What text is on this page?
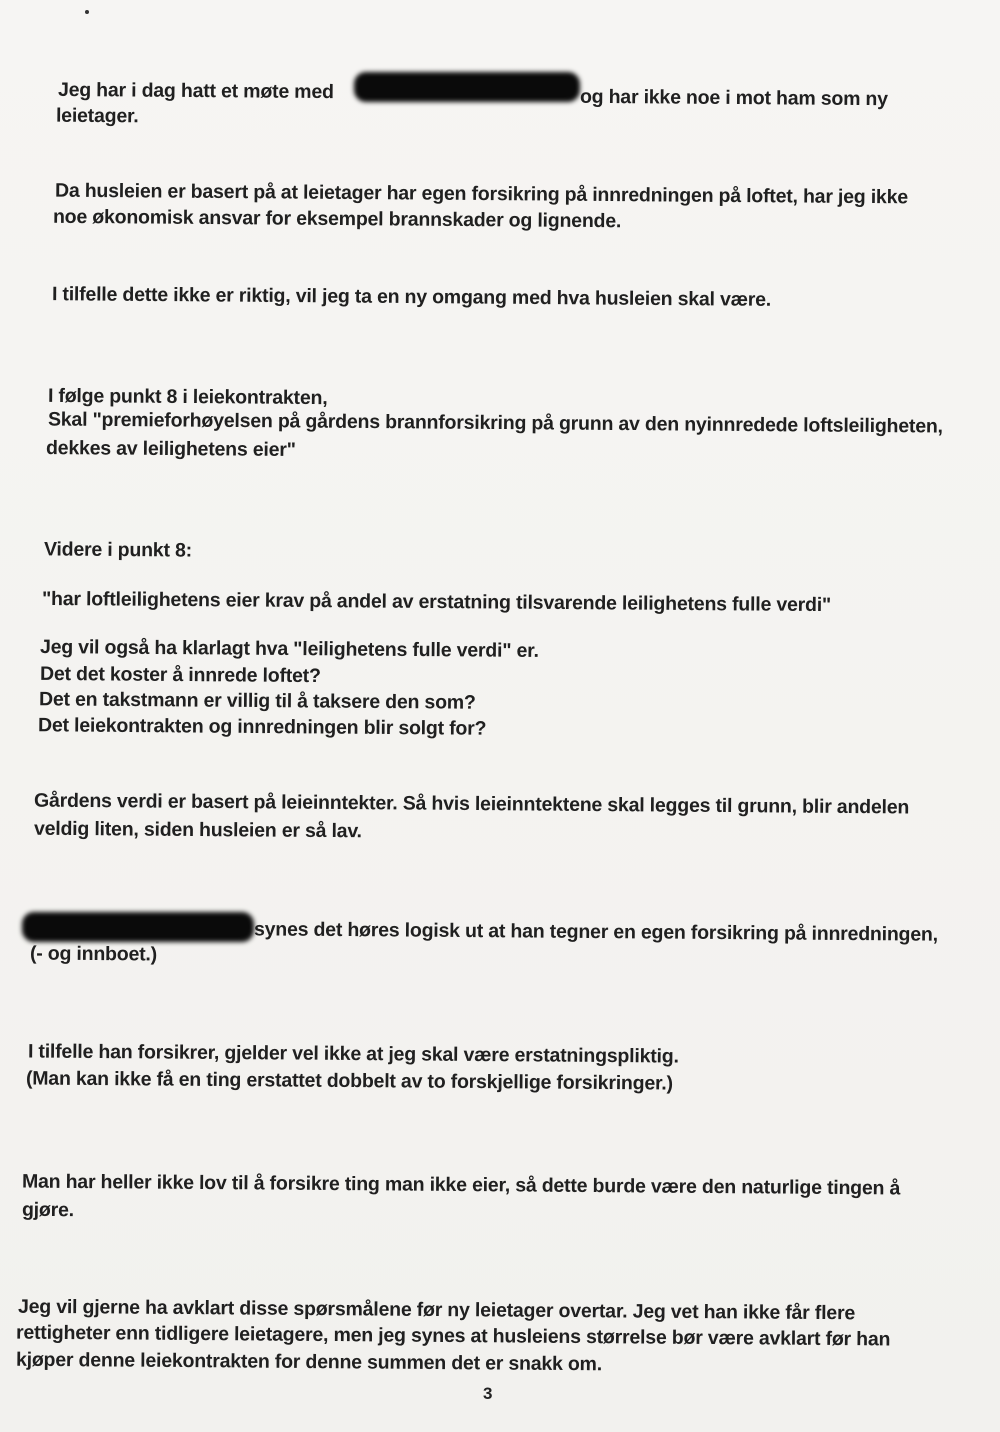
Jeg har i dag hatt et møte med	og har ikke noe i mot ham som ny
leietager.
Da husleien er basert på at leietager har egen forsikring på innredningen på loftet, har jeg ikke
noe økonomisk ansvar for eksempel brannskader og lignende.
I tilfelle dette ikke er riktig, vil jeg ta en ny omgang med hva husleien skal være.
I følge punkt 8 i leiekontrakten,
Skal "premieforhøyelsen på gårdens brannforsikring på grunn av den nyinnredede loftsleiligheten,
dekkes av leilighetens eier"
Videre i punkt 8:
"har loftleilighetens eier krav på andel av erstatning tilsvarende leilighetens fulle verdi"
Jeg vil også ha klarlagt hva "leilighetens fulle verdi" er.
Det det koster å innrede loftet?
Det en takstmann er villig til å taksere den som?
Det leiekontrakten og innredningen blir solgt for?
Gårdens verdi er basert på leieinntekter. Så hvis leieinntektene skal legges til grunn, blir andelen
veldig liten, siden husleien er så lav.
synes det høres logisk ut at han tegner en egen forsikring på innredningen,
(- og innboet.)
I tilfelle han forsikrer, gjelder vel ikke at jeg skal være erstatningspliktig.
(Man kan ikke få en ting erstattet dobbelt av to forskjellige forsikringer.)
Man har heller ikke lov til å forsikre ting man ikke eier, så dette burde være den naturlige tingen å
gjøre.
Jeg vil gjerne ha avklart disse spørsmålene før ny leietager overtar. Jeg vet han ikke får flere
rettigheter enn tidligere leietagere, men jeg synes at husleiens størrelse bør være avklart før han
kjøper denne leiekontrakten for denne summen det er snakk om.
3
